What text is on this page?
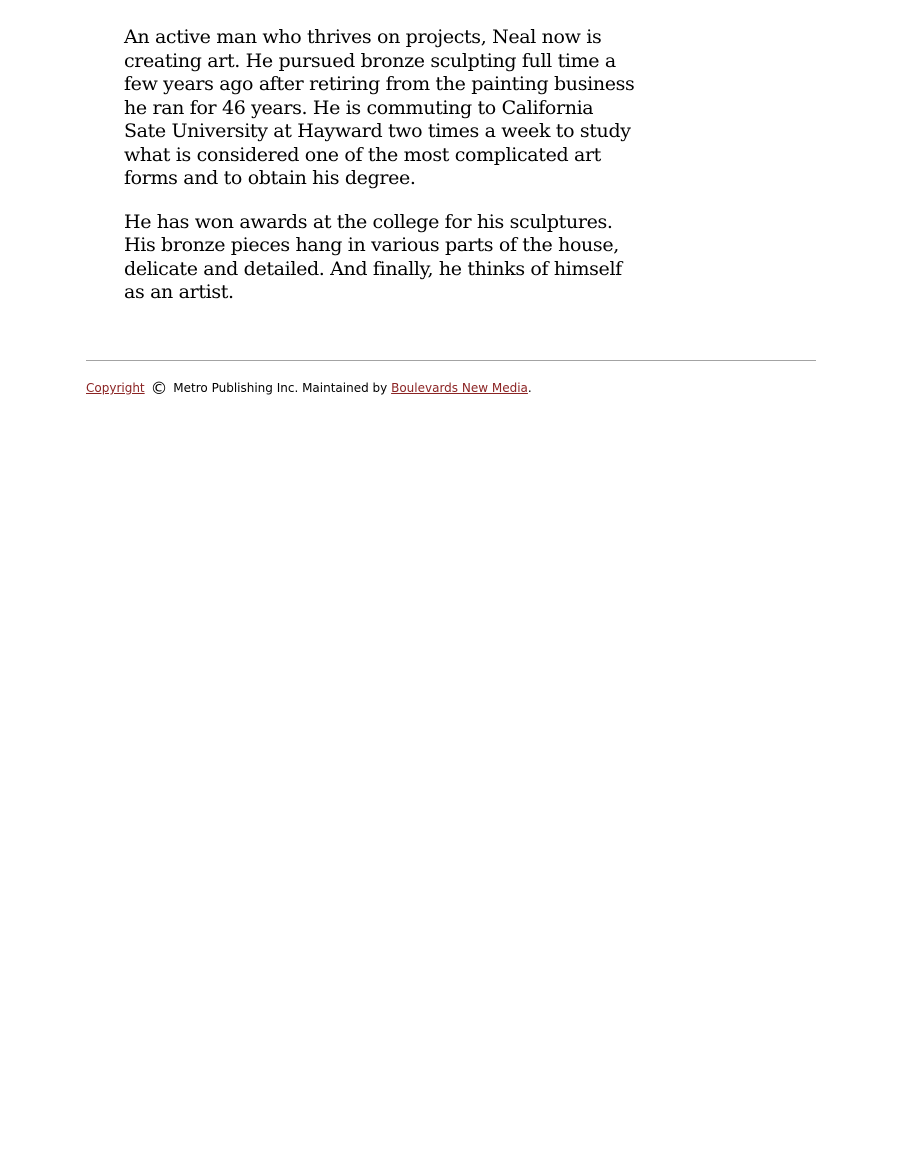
An active man who thrives on projects, Neal now is creating art. He pursued bronze sculpting full time a few years ago after retiring from the painting business he ran for 46 years. He is commuting to California Sate University at Hayward two times a week to study what is considered one of the most complicated art forms and to obtain his degree.

He has won awards at the college for his sculptures. His bronze pieces hang in various parts of the house, delicate and detailed. And finally, he thinks of himself as an artist.

Copyright © Metro Publishing Inc. Maintained by Boulevards New Media.
